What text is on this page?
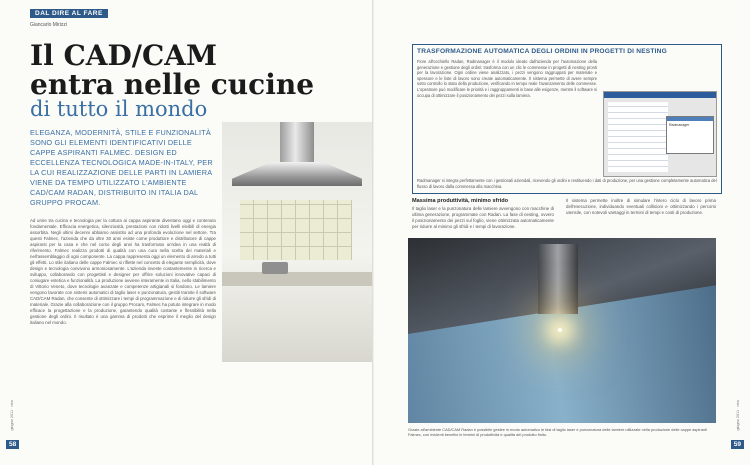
DAL DIRE AL FARE
Giancarlo Mirizzi
Il CAD/CAM
entra nelle cucine
di tutto il mondo
ELEGANZA, MODERNITÀ, STILE E FUNZIONALITÀ SONO GLI ELEMENTI IDENTIFICATIVI DELLE CAPPE ASPIRANTI FALMEC. DESIGN ED ECCELLENZA TECNOLOGICA MADE-IN-ITALY, PER LA CUI REALIZZAZIONE DELLE PARTI IN LAMIERA VIENE DA TEMPO UTILIZZATO L'AMBIENTE CAD/CAM RADAN, DISTRIBUITO IN ITALIA DAL GRUPPO PROCAM.
Ad unire tra cucina e tecnologia per la cottura ai cappa aspirante diventano oggi e contenuto fondamentale. Efficacia energetica, silenziosità, prestazioni con ridotti livelli eleibili di energia assorbita. Negli ultimi decenni abbiamo assistito ad una profonda evoluzione nel settore. Tra questi Falmec, l'azienda che da oltre 30 anni esiste come produttore e distributore di cappe aspiranti per la casa e che nel corso degli anni ha trasformato un'idea in una realtà di riferimento. Falmec realizza prodotti di qualità con una cura nella scelta dei materiali e nell'assemblaggio di ogni componente. La cappa rappresenta oggi un elemento di arredo a tutti gli effetti. Lo stile italiano delle cappe Falmec si riflette nel concetto di elegante semplicità, dove design e tecnologia convivono armoniosamente. L'azienda investe costantemente in ricerca e sviluppo, collaborando con progettisti e designer per offrire soluzioni innovative capaci di coniugare estetica e funzionalità. La produzione avviene interamente in Italia, nello stabilimento di Vittorio Veneto, dove tecnologie avanzate e competenze artigianali si fondono. Le lamiere vengono lavorate con sistemi automatici di taglio laser e punzonatura, gestiti tramite il software CAD/CAM Radan, che consente di ottimizzare i tempi di programmazione e di ridurre gli sfridi di materiale. Grazie alla collaborazione con il gruppo Procam, Falmec ha potuto integrare in modo efficace la progettazione e la produzione, garantendo qualità costante e flessibilità nella gestione degli ordini. Il risultato è una gamma di prodotti che esprime il meglio del design italiano nel mondo.
TRASFORMAZIONE AUTOMATICA DEGLI ORDINI IN PROGETTI DI NESTING
Fiore all'occhiello Radan, Radmanager è il modulo ideato dall'azienda per l'automazione della generazione e gestione degli ordini: trasforma con un clic le commesse in progetti di nesting pronti per la lavorazione. Ogni ordine viene analizzato, i pezzi vengono raggruppati per materiale e spessore e le liste di lavoro sono create automaticamente. Il sistema permette di avere sempre sotto controllo lo stato della produzione, verificando in tempo reale l'avanzamento delle commesse. L'operatore può modificare le priorità e i raggruppamenti in base alle esigenze, mentre il software si occupa di ottimizzare il posizionamento dei pezzi sulla lamiera.
Radmanager
Radmanager si integra perfettamente con i gestionali aziendali, ricevendo gli ordini e restituendo i dati di produzione, per una gestione completamente automatica del flusso di lavoro dalla commessa alla macchina.
Massima produttività, minimo sfrido
Il taglio laser e la punzonatura delle lamiere avvengono con macchine di ultima generazione, programmate con Radan. La fase di nesting, ovvero il posizionamento dei pezzi sul foglio, viene ottimizzata automaticamente per ridurre al minimo gli sfridi e i tempi di lavorazione.
Il sistema permette inoltre di simulare l'intero ciclo di lavoro prima dell'esecuzione, individuando eventuali collisioni e ottimizzando i percorsi utensile, con notevoli vantaggi in termini di tempi e costi di produzione.
Grazie all'ambiente CAD/CAM Radan è possibile gestire in modo automatico le fasi di taglio laser e punzonatura delle lamiere utilizzate nella produzione delle cappe aspiranti Falmec, con evidenti benefici in termini di produttività e qualità del prodotto finito.
58	59
giugno 2011 · rmo	giugno 2011 · rmo
